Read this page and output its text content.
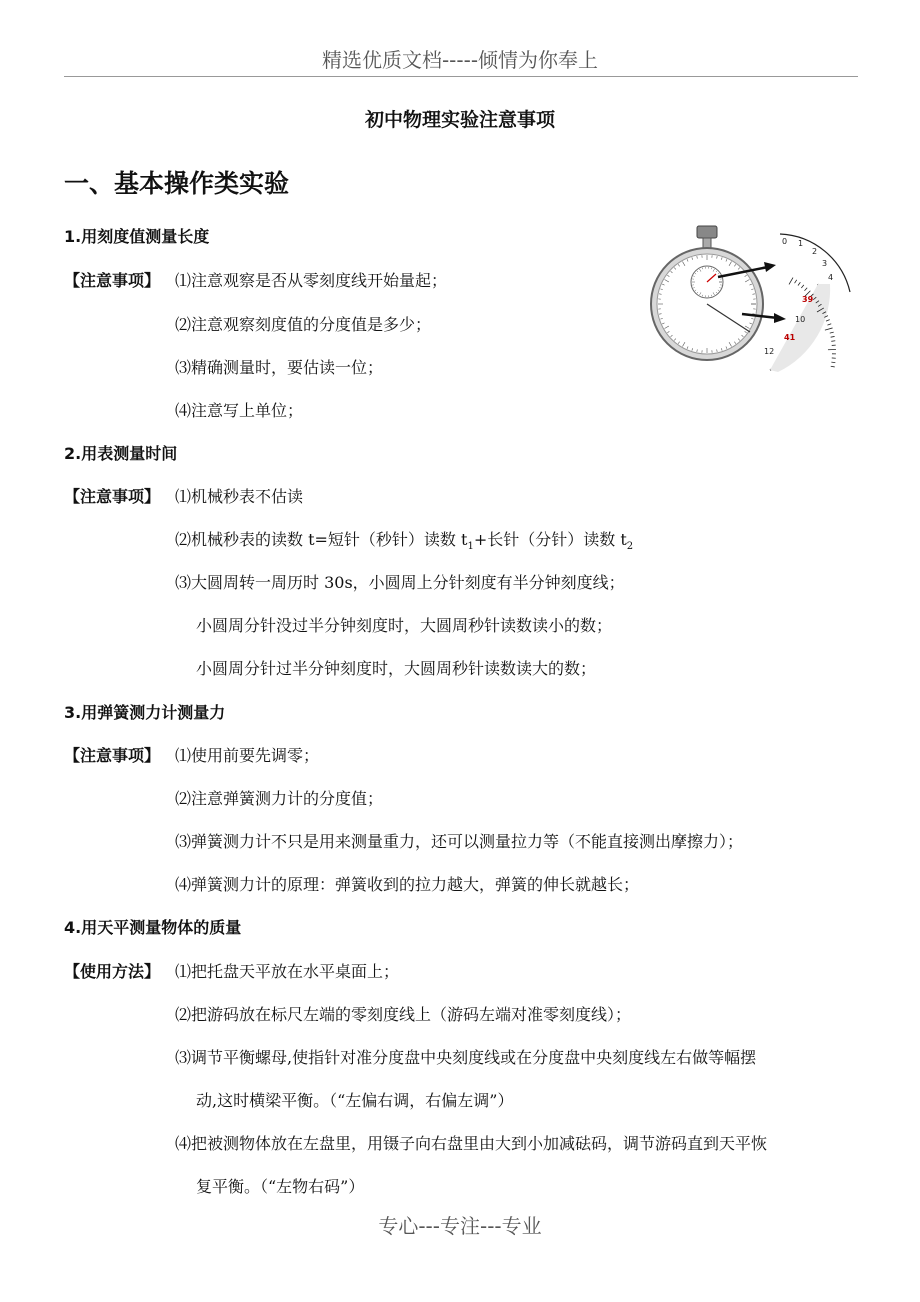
精选优质文档-----倾情为你奉上
初中物理实验注意事项
一、基本操作类实验
1.用刻度值测量长度
【注意事项】 ⑴注意观察是否从零刻度线开始量起；
⑵注意观察刻度值的分度值是多少；
⑶精确测量时，要估读一位；
⑷注意写上单位；
2.用表测量时间
【注意事项】 ⑴机械秒表不估读
⑵机械秒表的读数 t=短针（秒针）读数 $t_1+$长针（分针）读数 $t_2$
⑶大圆周转一周历时 30s，小圆周上分针刻度有半分钟刻度线；
小圆周分针没过半分钟刻度时，大圆周秒针读数读小的数；
小圆周分针过半分钟刻度时，大圆周秒针读数读大的数；
3.用弹簧测力计测量力
【注意事项】 ⑴使用前要先调零；
⑵注意弹簧测力计的分度值；
⑶弹簧测力计不只是用来测量重力，还可以测量拉力等（不能直接测出摩擦力）；
⑷弹簧测力计的原理：弹簧收到的拉力越大，弹簧的伸长就越长；
4.用天平测量物体的质量
【使用方法】 ⑴把托盘天平放在水平桌面上；
⑵把游码放在标尺左端的零刻度线上（游码左端对准零刻度线）；
⑶调节平衡螺母,使指针对准分度盘中央刻度线或在分度盘中央刻度线左右做等幅摆
动,这时横梁平衡。（“左偏右调，右偏左调”）
⑷把被测物体放在左盘里，用镊子向右盘里由大到小加减砝码，调节游码直到天平恢
复平衡。（“左物右码”）
0 1
2
3
4
39
10
41
12
专心---专注---专业
